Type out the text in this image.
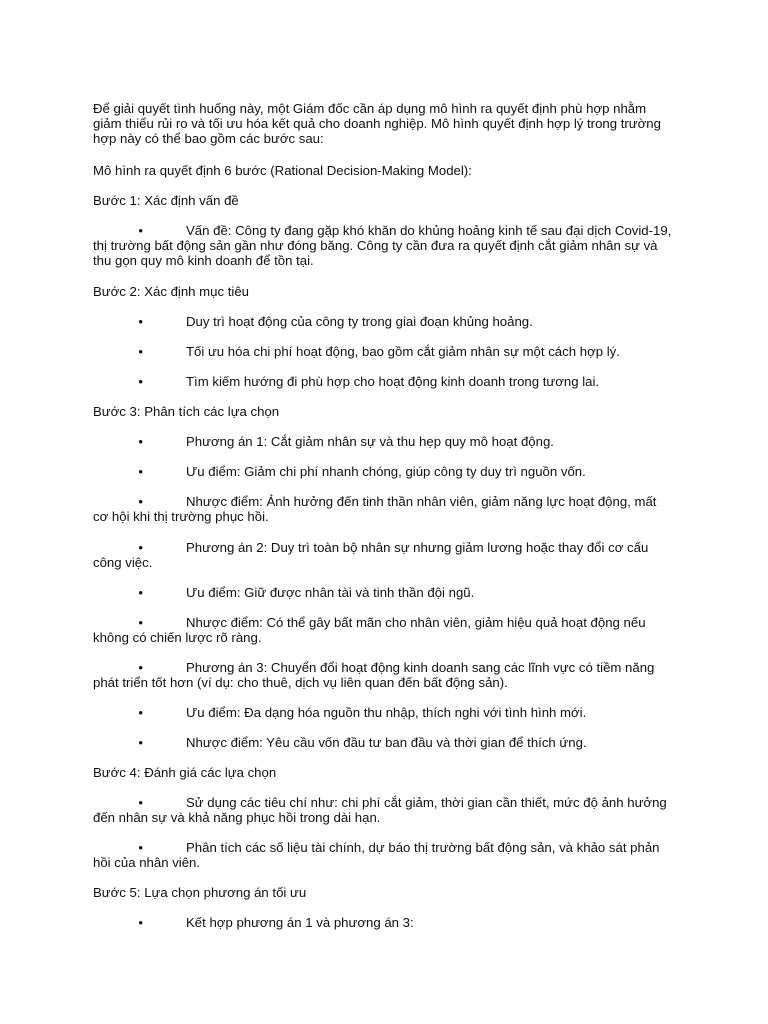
Để giải quyết tình huống này, một Giám đốc cần áp dụng mô hình ra quyết định phù hợp nhằm giảm thiểu rủi ro và tối ưu hóa kết quả cho doanh nghiệp. Mô hình quyết định hợp lý trong trường hợp này có thể bao gồm các bước sau:

Mô hình ra quyết định 6 bước (Rational Decision-Making Model):

Bước 1: Xác định vấn đề

•	Vấn đề: Công ty đang gặp khó khăn do khủng hoảng kinh tế sau đại dịch Covid-19, thị trường bất động sản gần như đóng băng. Công ty cần đưa ra quyết định cắt giảm nhân sự và thu gọn quy mô kinh doanh để tồn tại.

Bước 2: Xác định mục tiêu

•	Duy trì hoạt động của công ty trong giai đoạn khủng hoảng.

•	Tối ưu hóa chi phí hoạt động, bao gồm cắt giảm nhân sự một cách hợp lý.

•	Tìm kiếm hướng đi phù hợp cho hoạt động kinh doanh trong tương lai.

Bước 3: Phân tích các lựa chọn

•	Phương án 1: Cắt giảm nhân sự và thu hẹp quy mô hoạt động.

•	Ưu điểm: Giảm chi phí nhanh chóng, giúp công ty duy trì nguồn vốn.

•	Nhược điểm: Ảnh hưởng đến tinh thần nhân viên, giảm năng lực hoạt động, mất cơ hội khi thị trường phục hồi.

•	Phương án 2: Duy trì toàn bộ nhân sự nhưng giảm lương hoặc thay đổi cơ cấu công việc.

•	Ưu điểm: Giữ được nhân tài và tinh thần đội ngũ.

•	Nhược điểm: Có thể gây bất mãn cho nhân viên, giảm hiệu quả hoạt động nếu không có chiến lược rõ ràng.

•	Phương án 3: Chuyển đổi hoạt động kinh doanh sang các lĩnh vực có tiềm năng phát triển tốt hơn (ví dụ: cho thuê, dịch vụ liên quan đến bất động sản).

•	Ưu điểm: Đa dạng hóa nguồn thu nhập, thích nghi với tình hình mới.

•	Nhược điểm: Yêu cầu vốn đầu tư ban đầu và thời gian để thích ứng.

Bước 4: Đánh giá các lựa chọn

•	Sử dụng các tiêu chí như: chi phí cắt giảm, thời gian cần thiết, mức độ ảnh hưởng đến nhân sự và khả năng phục hồi trong dài hạn.

•	Phân tích các số liệu tài chính, dự báo thị trường bất động sản, và khảo sát phản hồi của nhân viên.

Bước 5: Lựa chọn phương án tối ưu

•	Kết hợp phương án 1 và phương án 3:
